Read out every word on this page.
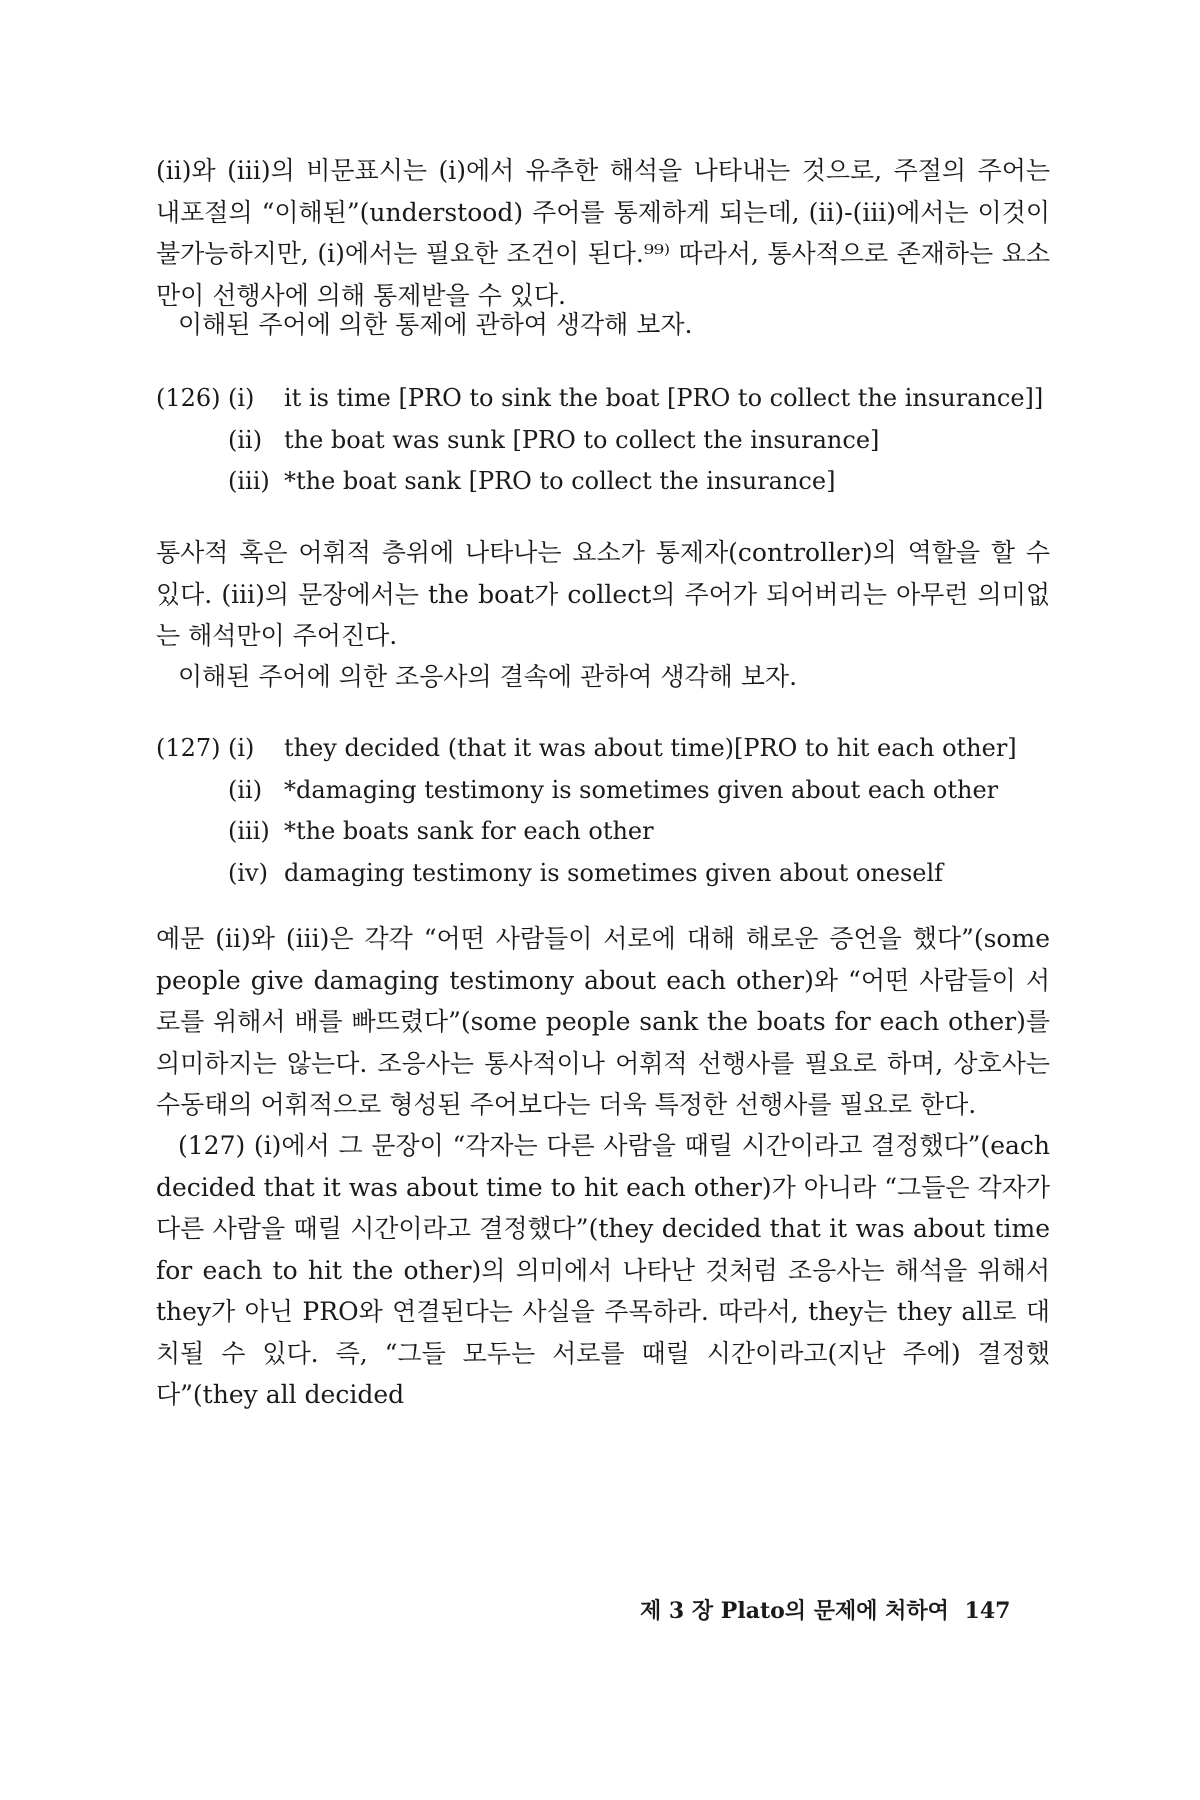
(ii)와 (iii)의 비문표시는 (i)에서 유추한 해석을 나타내는 것으로, 주절의 주어는 내포절의 “이해된”(understood) 주어를 통제하게 되는데, (ii)-(iii)에서는 이것이 불가능하지만, (i)에서는 필요한 조건이 된다.⁹⁹⁾ 따라서, 통사적으로 존재하는 요소만이 선행사에 의해 통제받을 수 있다.

이해된 주어에 의한 통제에 관하여 생각해 보자.

(126) (i) it is time [PRO to sink the boat [PRO to collect the insurance]]
(ii) the boat was sunk [PRO to collect the insurance]
(iii) *the boat sank [PRO to collect the insurance]

통사적 혹은 어휘적 층위에 나타나는 요소가 통제자(controller)의 역할을 할 수 있다. (iii)의 문장에서는 the boat가 collect의 주어가 되어버리는 아무런 의미없는 해석만이 주어진다.

이해된 주어에 의한 조응사의 결속에 관하여 생각해 보자.

(127) (i) they decided (that it was about time)[PRO to hit each other]
(ii) *damaging testimony is sometimes given about each other
(iii) *the boats sank for each other
(iv) damaging testimony is sometimes given about oneself

예문 (ii)와 (iii)은 각각 “어떤 사람들이 서로에 대해 해로운 증언을 했다”(some people give damaging testimony about each other)와 “어떤 사람들이 서로를 위해서 배를 빠뜨렸다”(some people sank the boats for each other)를 의미하지는 않는다. 조응사는 통사적이나 어휘적 선행사를 필요로 하며, 상호사는 수동태의 어휘적으로 형성된 주어보다는 더욱 특정한 선행사를 필요로 한다.

(127) (i)에서 그 문장이 “각자는 다른 사람을 때릴 시간이라고 결정했다”(each decided that it was about time to hit each other)가 아니라 “그들은 각자가 다른 사람을 때릴 시간이라고 결정했다”(they decided that it was about time for each to hit the other)의 의미에서 나타난 것처럼 조응사는 해석을 위해서 they가 아닌 PRO와 연결된다는 사실을 주목하라. 따라서, they는 they all로 대치될 수 있다. 즉, “그들 모두는 서로를 때릴 시간이라고(지난 주에) 결정했다”(they all decided

제 3 장 Plato의 문제에 처하여 147
